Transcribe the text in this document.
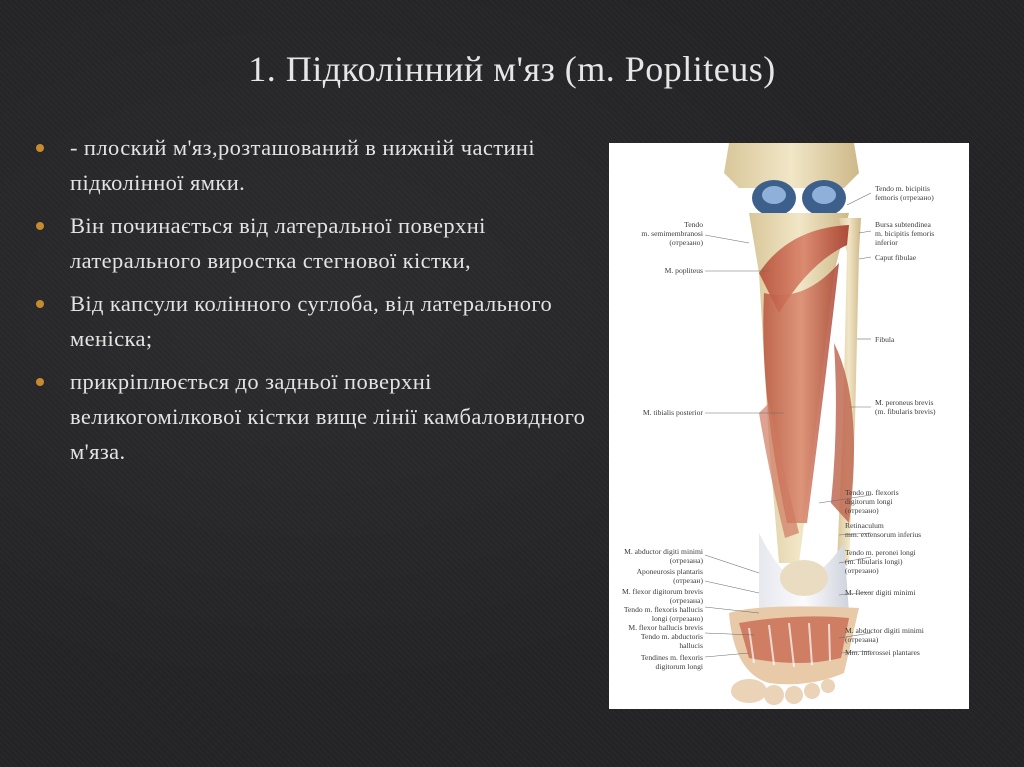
1. Підколінний м'яз (m. Popliteus)
- плоский м'яз,розташований в нижній частині підколінної ямки.
Він починається від латеральної поверхні латерального виростка стегнової кістки,
Від капсули колінного суглоба, від латерального меніска;
прикріплюється до задньої поверхні великогомілкової кістки вище лінії камбаловидного м'яза.
Tendo m. bicipitis
femoris (отрезано)
Bursa subtendinea
m. bicipitis femoris
inferior
Caput fibulae
Fibula
M. peroneus brevis
(m. fibularis brevis)
Tendo m. flexoris
digitorum longi
(отрезано)
Retinaculum
mm. extensorum inferius
Tendo m. peronei longi
(m. fibularis longi)
(отрезано)
M. flexor digiti minimi
M. abductor digiti minimi
(отрезана)
Mm. interossei plantares
Tendo
m. semimembranosi
(отрезано)
M. popliteus
M. tibialis posterior
M. abductor digiti minimi
(отрезана)
Aponeurosis plantaris
(отрезан)
M. flexor digitorum brevis
(отрезана)
Tendo m. flexoris hallucis
longi (отрезано)
M. flexor hallucis brevis
Tendo m. abductoris
hallucis
Tendines m. flexoris
digitorum longi
